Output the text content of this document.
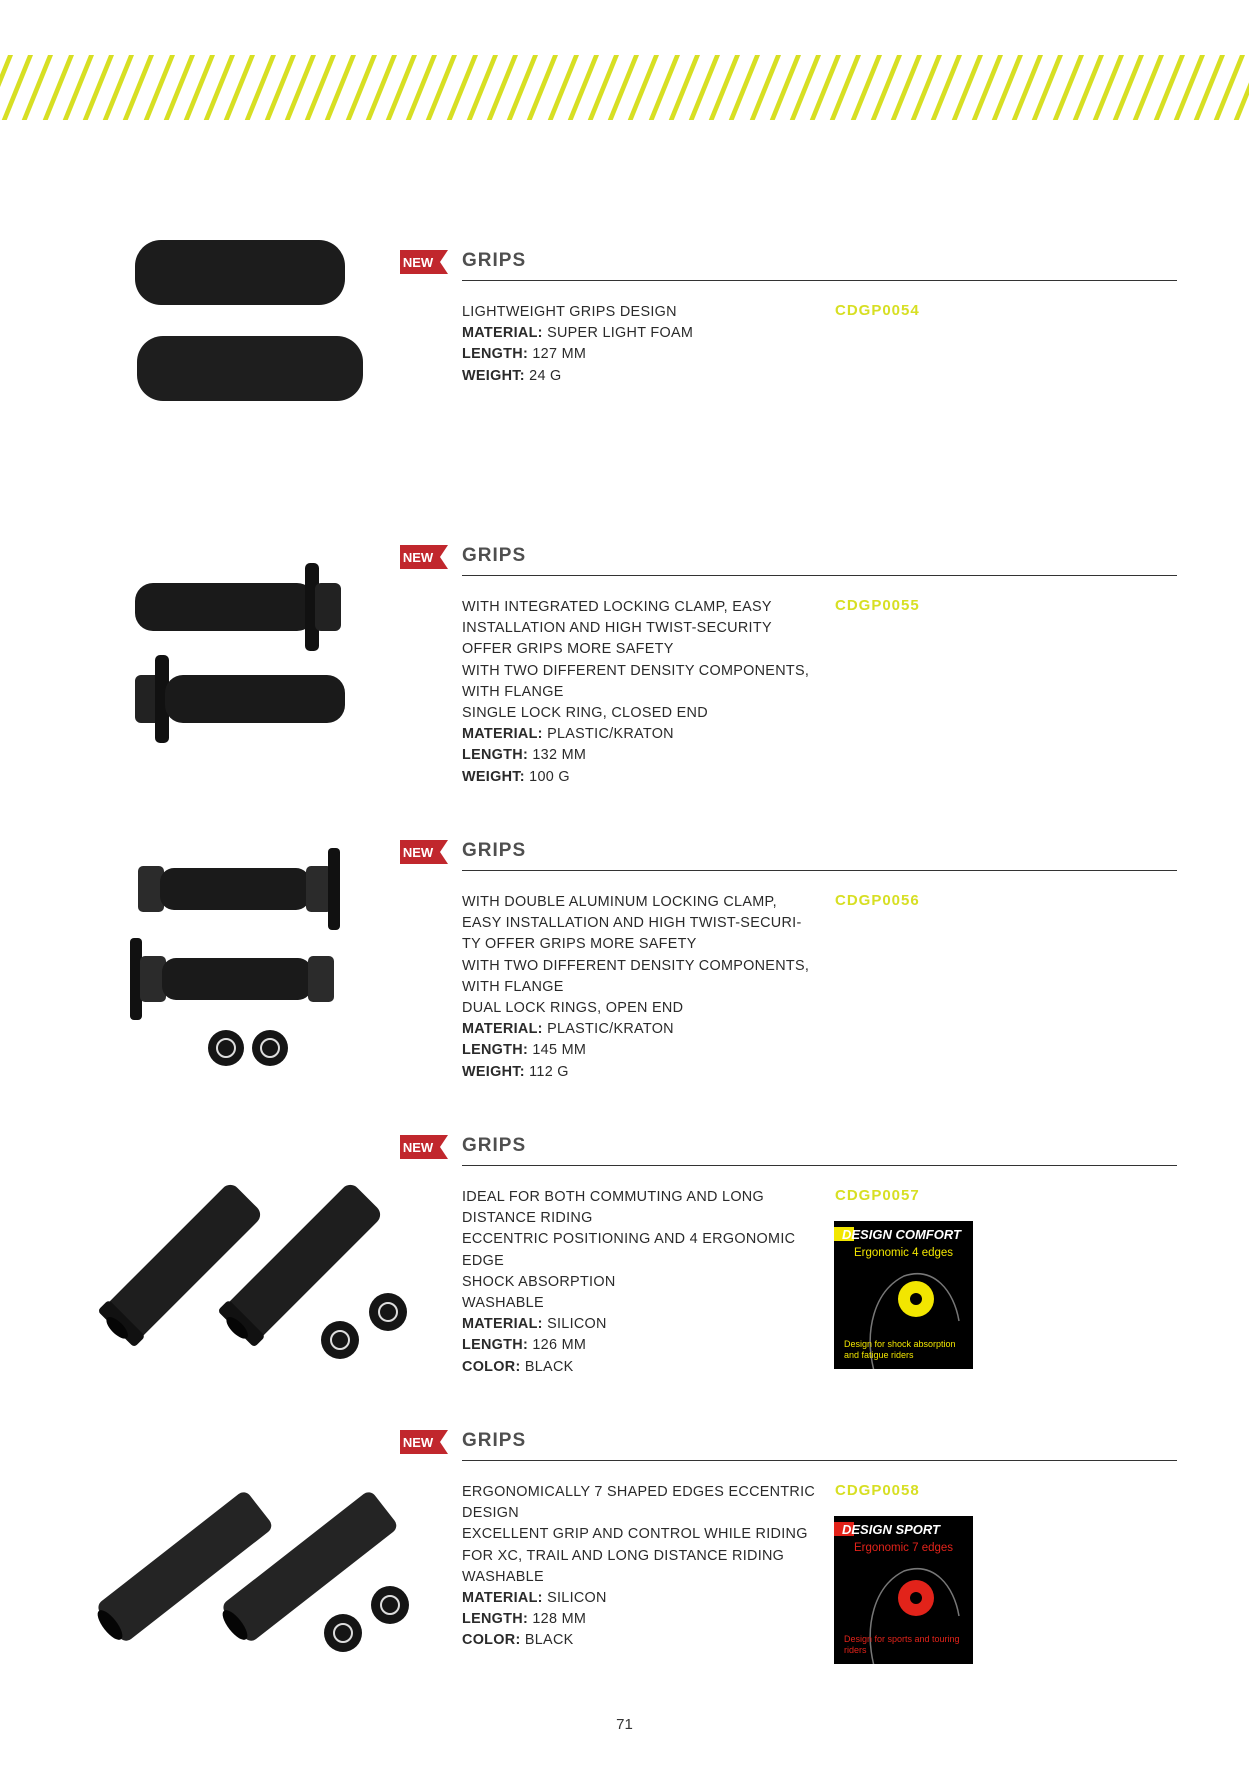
NEW GRIPS
LIGHTWEIGHT GRIPS DESIGN
MATERIAL: SUPER LIGHT FOAM
LENGTH: 127 MM
WEIGHT: 24 G
CDGP0054
NEW GRIPS
WITH INTEGRATED LOCKING CLAMP, EASY
INSTALLATION AND HIGH TWIST-SECURITY
OFFER GRIPS MORE SAFETY
WITH TWO DIFFERENT DENSITY COMPONENTS,
WITH FLANGE
SINGLE LOCK RING, CLOSED END
MATERIAL: PLASTIC/KRATON
LENGTH: 132 MM
WEIGHT: 100 G
CDGP0055
NEW GRIPS
WITH DOUBLE ALUMINUM LOCKING CLAMP,
EASY INSTALLATION AND HIGH TWIST-SECURI-
TY OFFER GRIPS MORE SAFETY
WITH TWO DIFFERENT DENSITY COMPONENTS,
WITH FLANGE
DUAL LOCK RINGS, OPEN END
MATERIAL: PLASTIC/KRATON
LENGTH: 145 MM
WEIGHT: 112 G
CDGP0056
NEW GRIPS
IDEAL FOR BOTH COMMUTING AND LONG
DISTANCE RIDING
ECCENTRIC POSITIONING AND 4 ERGONOMIC
EDGE
SHOCK ABSORPTION
WASHABLE
MATERIAL: SILICON
LENGTH: 126 MM
COLOR: BLACK
CDGP0057
DESIGN COMFORT
Ergonomic 4 edges
Design for shock absorption and fatigue riders
NEW GRIPS
ERGONOMICALLY 7 SHAPED EDGES ECCENTRIC
DESIGN
EXCELLENT GRIP AND CONTROL WHILE RIDING
FOR XC, TRAIL AND LONG DISTANCE RIDING
WASHABLE
MATERIAL: SILICON
LENGTH: 128 MM
COLOR: BLACK
CDGP0058
DESIGN SPORT
Ergonomic 7 edges
Design for sports and touring riders
71
